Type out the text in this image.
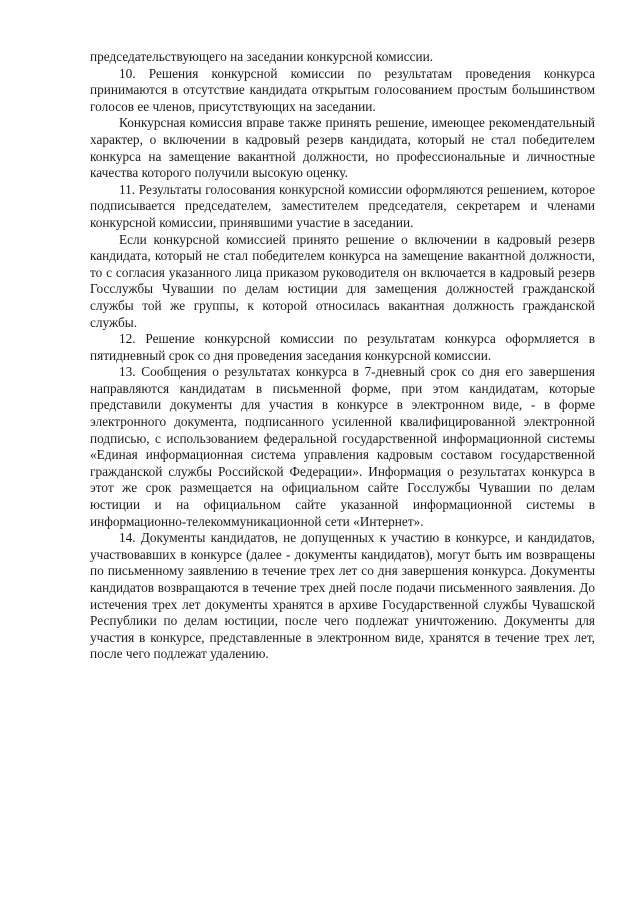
председательствующего на заседании конкурсной комиссии.

10. Решения конкурсной комиссии по результатам проведения конкурса принимаются в отсутствие кандидата открытым голосованием простым большинством голосов ее членов, присутствующих на заседании.

Конкурсная комиссия вправе также принять решение, имеющее рекомендательный характер, о включении в кадровый резерв кандидата, который не стал победителем конкурса на замещение вакантной должности, но профессиональные и личностные качества которого получили высокую оценку.

11. Результаты голосования конкурсной комиссии оформляются решением, которое подписывается председателем, заместителем председателя, секретарем и членами конкурсной комиссии, принявшими участие в заседании.

Если конкурсной комиссией принято решение о включении в кадровый резерв кандидата, который не стал победителем конкурса на замещение вакантной должности, то с согласия указанного лица приказом руководителя он включается в кадровый резерв Госслужбы Чувашии по делам юстиции для замещения должностей гражданской службы той же группы, к которой относилась вакантная должность гражданской службы.

12. Решение конкурсной комиссии по результатам конкурса оформляется в пятидневный срок со дня проведения заседания конкурсной комиссии.

13. Сообщения о результатах конкурса в 7-дневный срок со дня его завершения направляются кандидатам в письменной форме, при этом кандидатам, которые представили документы для участия в конкурсе в электронном виде, - в форме электронного документа, подписанного усиленной квалифицированной электронной подписью, с использованием федеральной государственной информационной системы «Единая информационная система управления кадровым составом государственной гражданской службы Российской Федерации». Информация о результатах конкурса в этот же срок размещается на официальном сайте Госслужбы Чувашии по делам юстиции и на официальном сайте указанной информационной системы в информационно-телекоммуникационной сети «Интернет».

14. Документы кандидатов, не допущенных к участию в конкурсе, и кандидатов, участвовавших в конкурсе (далее - документы кандидатов), могут быть им возвращены по письменному заявлению в течение трех лет со дня завершения конкурса. Документы кандидатов возвращаются в течение трех дней после подачи письменного заявления. До истечения трех лет документы хранятся в архиве Государственной службы Чувашской Республики по делам юстиции, после чего подлежат уничтожению. Документы для участия в конкурсе, представленные в электронном виде, хранятся в течение трех лет, после чего подлежат удалению.
